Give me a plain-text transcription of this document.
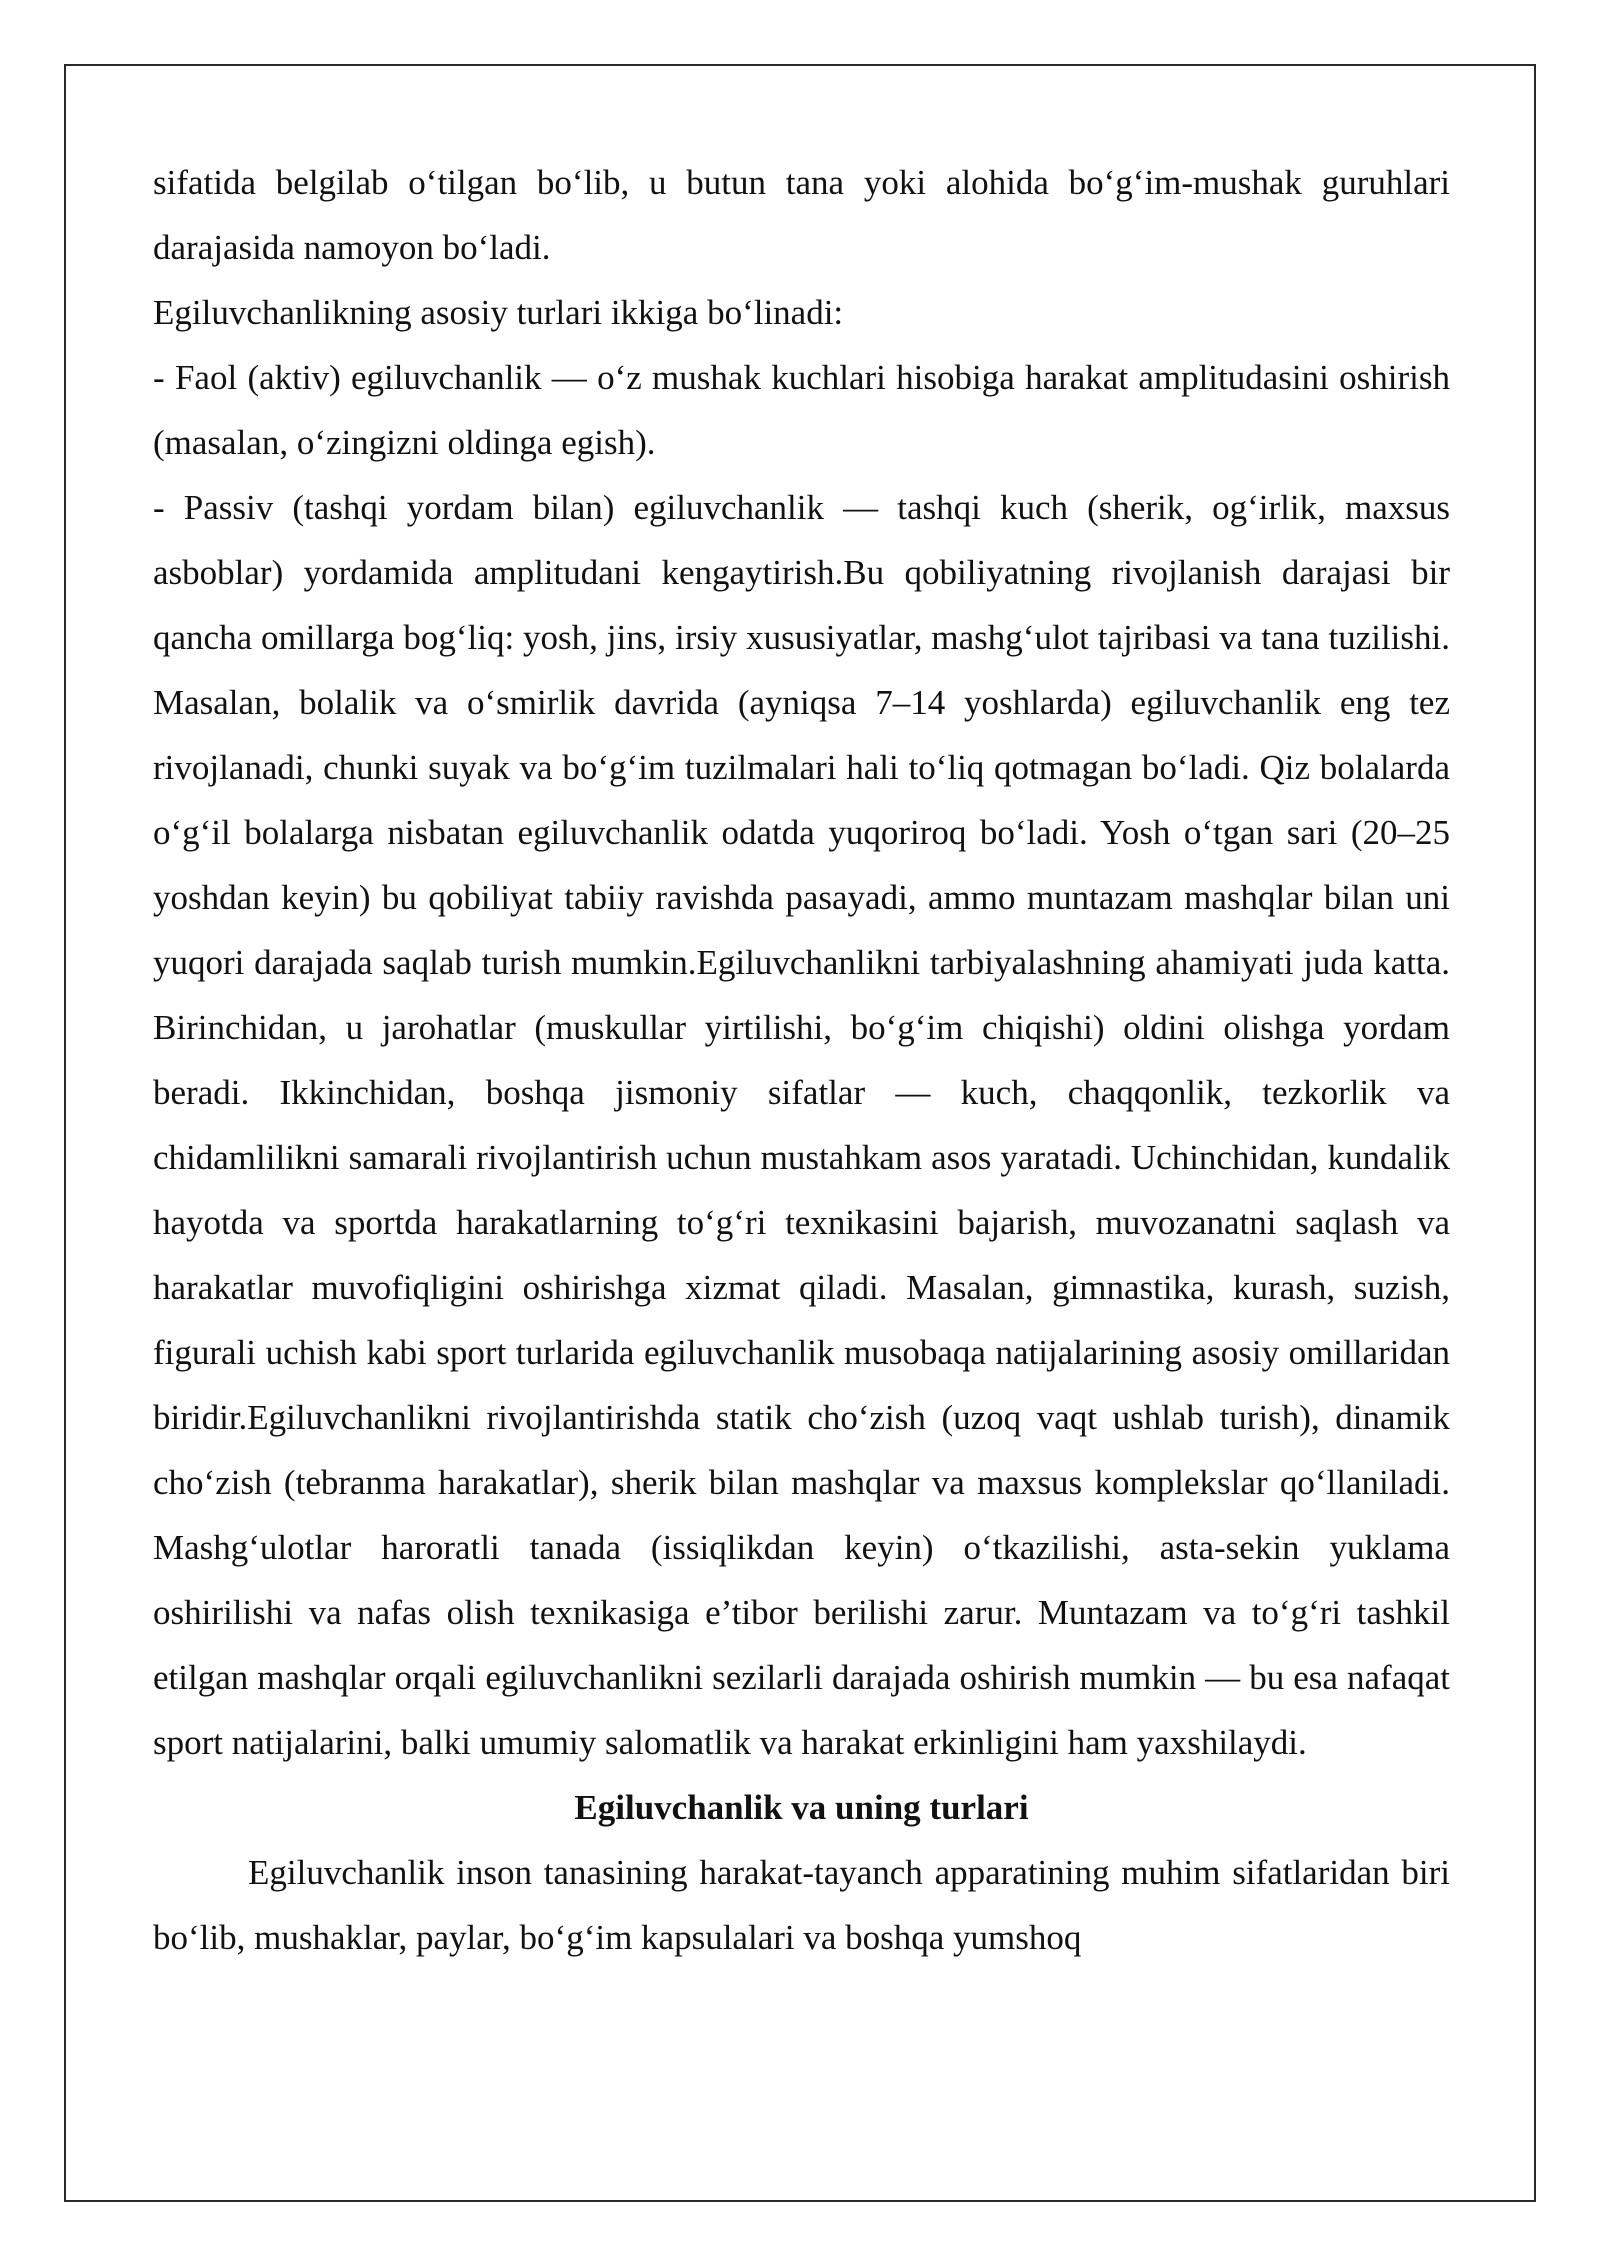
sifatida belgilab o‘tilgan bo‘lib, u butun tana yoki alohida bo‘g‘im-mushak guruhlari darajasida namoyon bo‘ladi.

Egiluvchanlikning asosiy turlari ikkiga bo‘linadi:

- Faol (aktiv) egiluvchanlik — o‘z mushak kuchlari hisobiga harakat amplitudasini oshirish (masalan, o‘zingizni oldinga egish).

- Passiv (tashqi yordam bilan) egiluvchanlik — tashqi kuch (sherik, og‘irlik, maxsus asboblar) yordamida amplitudani kengaytirish.Bu qobiliyatning rivojlanish darajasi bir qancha omillarga bog‘liq: yosh, jins, irsiy xususiyatlar, mashg‘ulot tajribasi va tana tuzilishi. Masalan, bolalik va o‘smirlik davrida (ayniqsa 7–14 yoshlarda) egiluvchanlik eng tez rivojlanadi, chunki suyak va bo‘g‘im tuzilmalari hali to‘liq qotmagan bo‘ladi. Qiz bolalarda o‘g‘il bolalarga nisbatan egiluvchanlik odatda yuqoriroq bo‘ladi. Yosh o‘tgan sari (20–25 yoshdan keyin) bu qobiliyat tabiiy ravishda pasayadi, ammo muntazam mashqlar bilan uni yuqori darajada saqlab turish mumkin.Egiluvchanlikni tarbiyalashning ahamiyati juda katta. Birinchidan, u jarohatlar (muskullar yirtilishi, bo‘g‘im chiqishi) oldini olishga yordam beradi. Ikkinchidan, boshqa jismoniy sifatlar — kuch, chaqqonlik, tezkorlik va chidamlilikni samarali rivojlantirish uchun mustahkam asos yaratadi. Uchinchidan, kundalik hayotda va sportda harakatlarning to‘g‘ri texnikasini bajarish, muvozanatni saqlash va harakatlar muvofiqligini oshirishga xizmat qiladi. Masalan, gimnastika, kurash, suzish, figurali uchish kabi sport turlarida egiluvchanlik musobaqa natijalarining asosiy omillaridan biridir.Egiluvchanlikni rivojlantirishda statik cho‘zish (uzoq vaqt ushlab turish), dinamik cho‘zish (tebranma harakatlar), sherik bilan mashqlar va maxsus komplekslar qo‘llaniladi. Mashg‘ulotlar haroratli tanada (issiqlikdan keyin) o‘tkazilishi, asta-sekin yuklama oshirilishi va nafas olish texnikasiga e’tibor berilishi zarur. Muntazam va to‘g‘ri tashkil etilgan mashqlar orqali egiluvchanlikni sezilarli darajada oshirish mumkin — bu esa nafaqat sport natijalarini, balki umumiy salomatlik va harakat erkinligini ham yaxshilaydi.

Egiluvchanlik va uning turlari

Egiluvchanlik inson tanasining harakat-tayanch apparatining muhim sifatlaridan biri bo‘lib, mushaklar, paylar, bo‘g‘im kapsulalari va boshqa yumshoq
